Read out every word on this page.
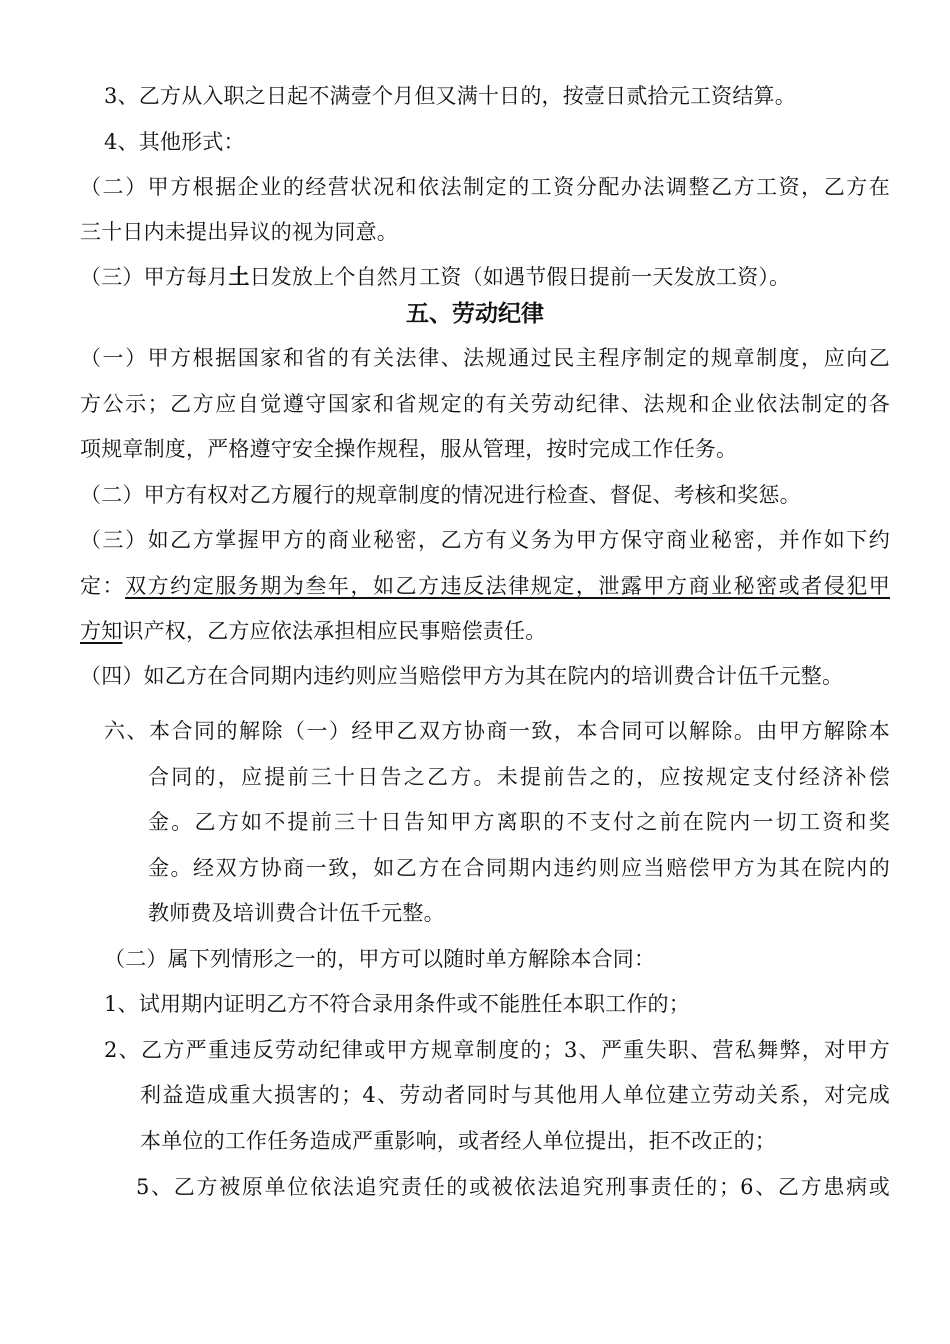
3、乙方从入职之日起不满壹个月但又满十日的，按壹日贰拾元工资结算。
4、其他形式：
（二）甲方根据企业的经营状况和依法制定的工资分配办法调整乙方工资，乙方在
三十日内未提出异议的视为同意。
（三）甲方每月土日发放上个自然月工资（如遇节假日提前一天发放工资）。
五、劳动纪律
（一）甲方根据国家和省的有关法律、法规通过民主程序制定的规章制度，应向乙
方公示；乙方应自觉遵守国家和省规定的有关劳动纪律、法规和企业依法制定的各
项规章制度，严格遵守安全操作规程，服从管理，按时完成工作任务。
（二）甲方有权对乙方履行的规章制度的情况进行检查、督促、考核和奖惩。
（三）如乙方掌握甲方的商业秘密，乙方有义务为甲方保守商业秘密，并作如下约
定：双方约定服务期为叁年，如乙方违反法律规定，泄露甲方商业秘密或者侵犯甲
方知识产权，乙方应依法承担相应民事赔偿责任。
（四）如乙方在合同期内违约则应当赔偿甲方为其在院内的培训费合计伍千元整。
六、本合同的解除（一）经甲乙双方协商一致，本合同可以解除。由甲方解除本
合同的，应提前三十日告之乙方。未提前告之的，应按规定支付经济补偿
金。乙方如不提前三十日告知甲方离职的不支付之前在院内一切工资和奖
金。经双方协商一致，如乙方在合同期内违约则应当赔偿甲方为其在院内的
教师费及培训费合计伍千元整。
（二）属下列情形之一的，甲方可以随时单方解除本合同：
1、试用期内证明乙方不符合录用条件或不能胜任本职工作的；
2、乙方严重违反劳动纪律或甲方规章制度的；3、严重失职、营私舞弊，对甲方
利益造成重大损害的；4、劳动者同时与其他用人单位建立劳动关系，对完成
本单位的工作任务造成严重影响，或者经人单位提出，拒不改正的；
5、乙方被原单位依法追究责任的或被依法追究刑事责任的；6、乙方患病或
